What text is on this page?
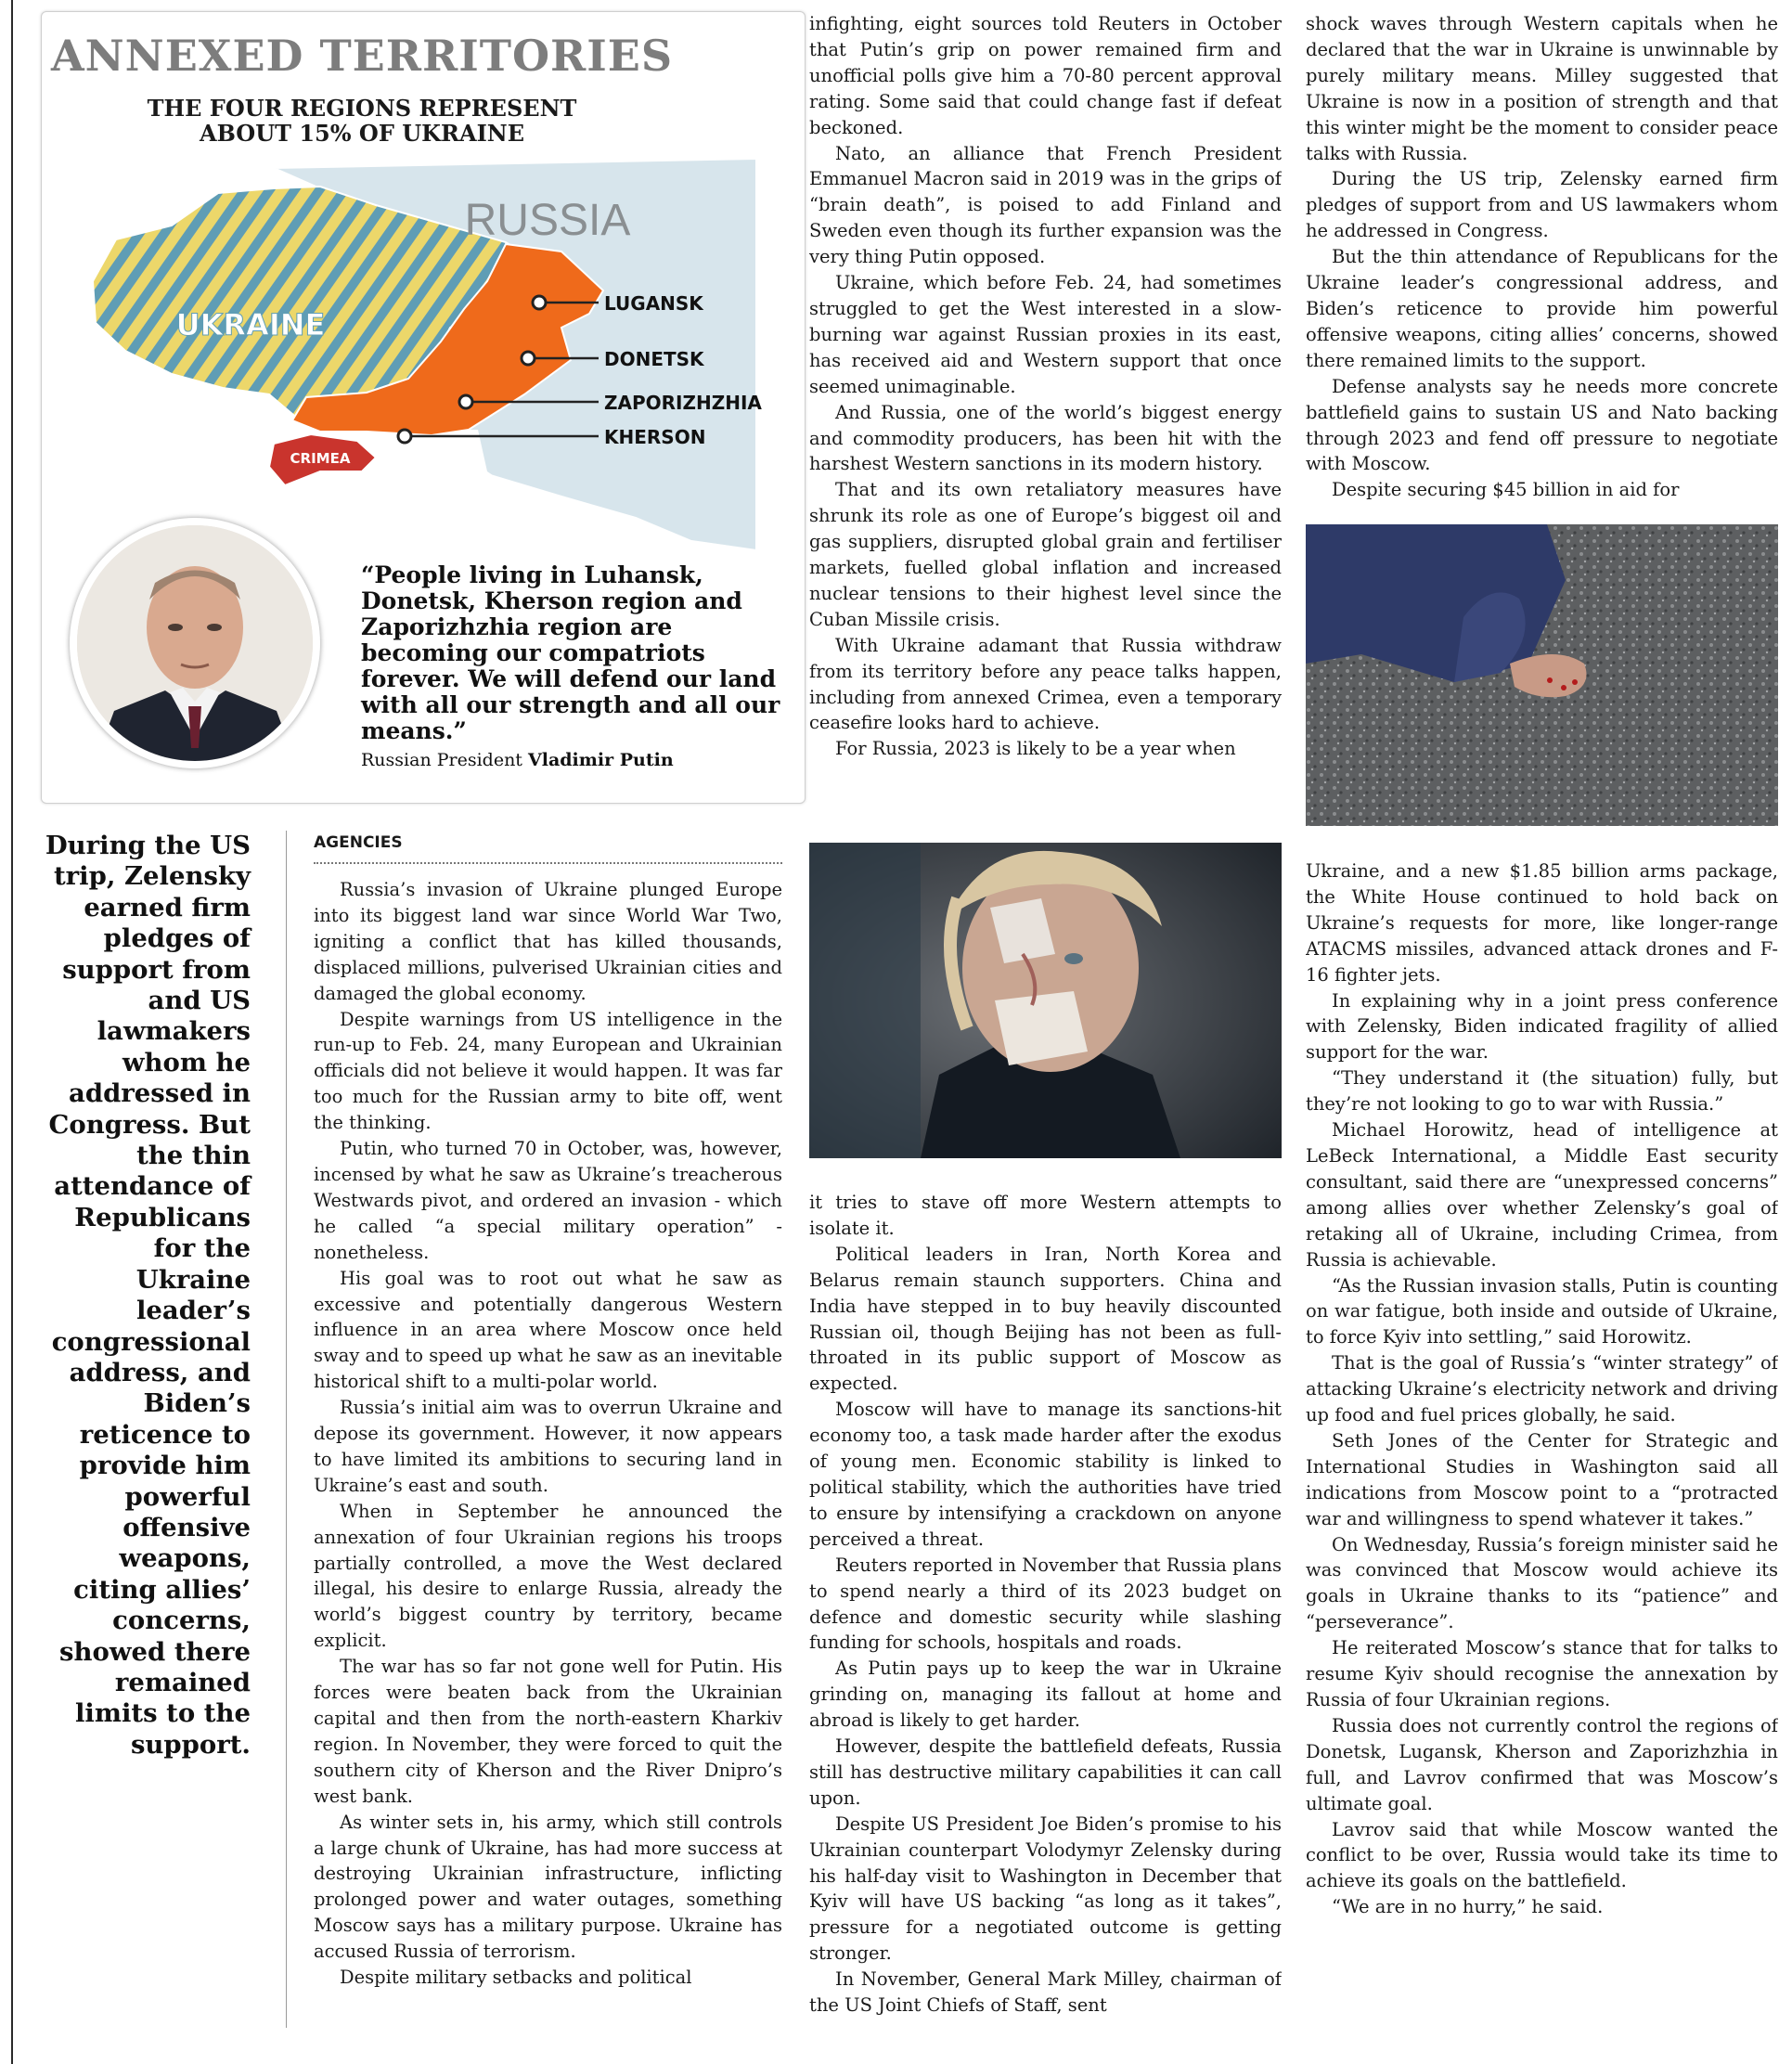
ANNEXED TERRITORIES
THE FOUR REGIONS REPRESENT ABOUT 15% OF UKRAINE
RUSSIA
UKRAINE
CRIMEA
LUGANSK
DONETSK
ZAPORIZHZHIA
KHERSON
“People living in Luhansk, Donetsk, Kherson region and Zaporizhzhia region are becoming our compatriots forever. We will defend our land with all our strength and all our means.”
Russian President Vladimir Putin
During the US trip, Zelensky earned firm pledges of support from and US lawmakers whom he addressed in Congress. But the thin attendance of Republicans for the Ukraine leader’s congressional address, and Biden’s reticence to provide him powerful offensive weapons, citing allies’ concerns, showed there remained limits to the support.
AGENCIES

Russia’s invasion of Ukraine plunged Europe into its biggest land war since World War Two, igniting a conflict that has killed thousands, displaced millions, pulverised Ukrainian cities and damaged the global economy.

Despite warnings from US intelligence in the run-up to Feb. 24, many European and Ukrainian officials did not believe it would happen. It was far too much for the Russian army to bite off, went the thinking.

Putin, who turned 70 in October, was, however, incensed by what he saw as Ukraine’s treacherous Westwards pivot, and ordered an invasion - which he called “a special military operation” - nonetheless.

His goal was to root out what he saw as excessive and potentially dangerous Western influence in an area where Moscow once held sway and to speed up what he saw as an inevitable historical shift to a multi-polar world.

Russia’s initial aim was to overrun Ukraine and depose its government. However, it now appears to have limited its ambitions to securing land in Ukraine’s east and south.

When in September he announced the annexation of four Ukrainian regions his troops partially controlled, a move the West declared illegal, his desire to enlarge Russia, already the world’s biggest country by territory, became explicit.

The war has so far not gone well for Putin. His forces were beaten back from the Ukrainian capital and then from the north-eastern Kharkiv region. In November, they were forced to quit the southern city of Kherson and the River Dnipro’s west bank.

As winter sets in, his army, which still controls a large chunk of Ukraine, has had more success at destroying Ukrainian infrastructure, inflicting prolonged power and water outages, something Moscow says has a military purpose. Ukraine has accused Russia of terrorism.

Despite military setbacks and political

infighting, eight sources told Reuters in October that Putin’s grip on power remained firm and unofficial polls give him a 70-80 percent approval rating. Some said that could change fast if defeat beckoned.

Nato, an alliance that French President Emmanuel Macron said in 2019 was in the grips of “brain death”, is poised to add Finland and Sweden even though its further expansion was the very thing Putin opposed.

Ukraine, which before Feb. 24, had sometimes struggled to get the West interested in a slow-burning war against Russian proxies in its east, has received aid and Western support that once seemed unimaginable.

And Russia, one of the world’s biggest energy and commodity producers, has been hit with the harshest Western sanctions in its modern history.

That and its own retaliatory measures have shrunk its role as one of Europe’s biggest oil and gas suppliers, disrupted global grain and fertiliser markets, fuelled global inflation and increased nuclear tensions to their highest level since the Cuban Missile crisis.

With Ukraine adamant that Russia withdraw from its territory before any peace talks happen, including from annexed Crimea, even a temporary ceasefire looks hard to achieve.

For Russia, 2023 is likely to be a year when

it tries to stave off more Western attempts to isolate it.

Political leaders in Iran, North Korea and Belarus remain staunch supporters. China and India have stepped in to buy heavily discounted Russian oil, though Beijing has not been as full-throated in its public support of Moscow as expected.

Moscow will have to manage its sanctions-hit economy too, a task made harder after the exodus of young men. Economic stability is linked to political stability, which the authorities have tried to ensure by intensifying a crackdown on anyone perceived a threat.

Reuters reported in November that Russia plans to spend nearly a third of its 2023 budget on defence and domestic security while slashing funding for schools, hospitals and roads.

As Putin pays up to keep the war in Ukraine grinding on, managing its fallout at home and abroad is likely to get harder.

However, despite the battlefield defeats, Russia still has destructive military capabilities it can call upon.

Despite US President Joe Biden’s promise to his Ukrainian counterpart Volodymyr Zelensky during his half-day visit to Washington in December that Kyiv will have US backing “as long as it takes”, pressure for a negotiated outcome is getting stronger.

In November, General Mark Milley, chairman of the US Joint Chiefs of Staff, sent

shock waves through Western capitals when he declared that the war in Ukraine is unwinnable by purely military means. Milley suggested that Ukraine is now in a position of strength and that this winter might be the moment to consider peace talks with Russia.

During the US trip, Zelensky earned firm pledges of support from and US lawmakers whom he addressed in Congress.

But the thin attendance of Republicans for the Ukraine leader’s congressional address, and Biden’s reticence to provide him powerful offensive weapons, citing allies’ concerns, showed there remained limits to the support.

Defense analysts say he needs more concrete battlefield gains to sustain US and Nato backing through 2023 and fend off pressure to negotiate with Moscow.

Despite securing $45 billion in aid for

Ukraine, and a new $1.85 billion arms package, the White House continued to hold back on Ukraine’s requests for more, like longer-range ATACMS missiles, advanced attack drones and F-16 fighter jets.

In explaining why in a joint press conference with Zelensky, Biden indicated fragility of allied support for the war.

“They understand it (the situation) fully, but they’re not looking to go to war with Russia.”

Michael Horowitz, head of intelligence at LeBeck International, a Middle East security consultant, said there are “unexpressed concerns” among allies over whether Zelensky’s goal of retaking all of Ukraine, including Crimea, from Russia is achievable.

“As the Russian invasion stalls, Putin is counting on war fatigue, both inside and outside of Ukraine, to force Kyiv into settling,” said Horowitz.

That is the goal of Russia’s “winter strategy” of attacking Ukraine’s electricity network and driving up food and fuel prices globally, he said.

Seth Jones of the Center for Strategic and International Studies in Washington said all indications from Moscow point to a “protracted war and willingness to spend whatever it takes.”

On Wednesday, Russia’s foreign minister said he was convinced that Moscow would achieve its goals in Ukraine thanks to its “patience” and “perseverance”.

He reiterated Moscow’s stance that for talks to resume Kyiv should recognise the annexation by Russia of four Ukrainian regions.

Russia does not currently control the regions of Donetsk, Lugansk, Kherson and Zaporizhzhia in full, and Lavrov confirmed that was Moscow’s ultimate goal.

Lavrov said that while Moscow wanted the conflict to be over, Russia would take its time to achieve its goals on the battlefield.

“We are in no hurry,” he said.
